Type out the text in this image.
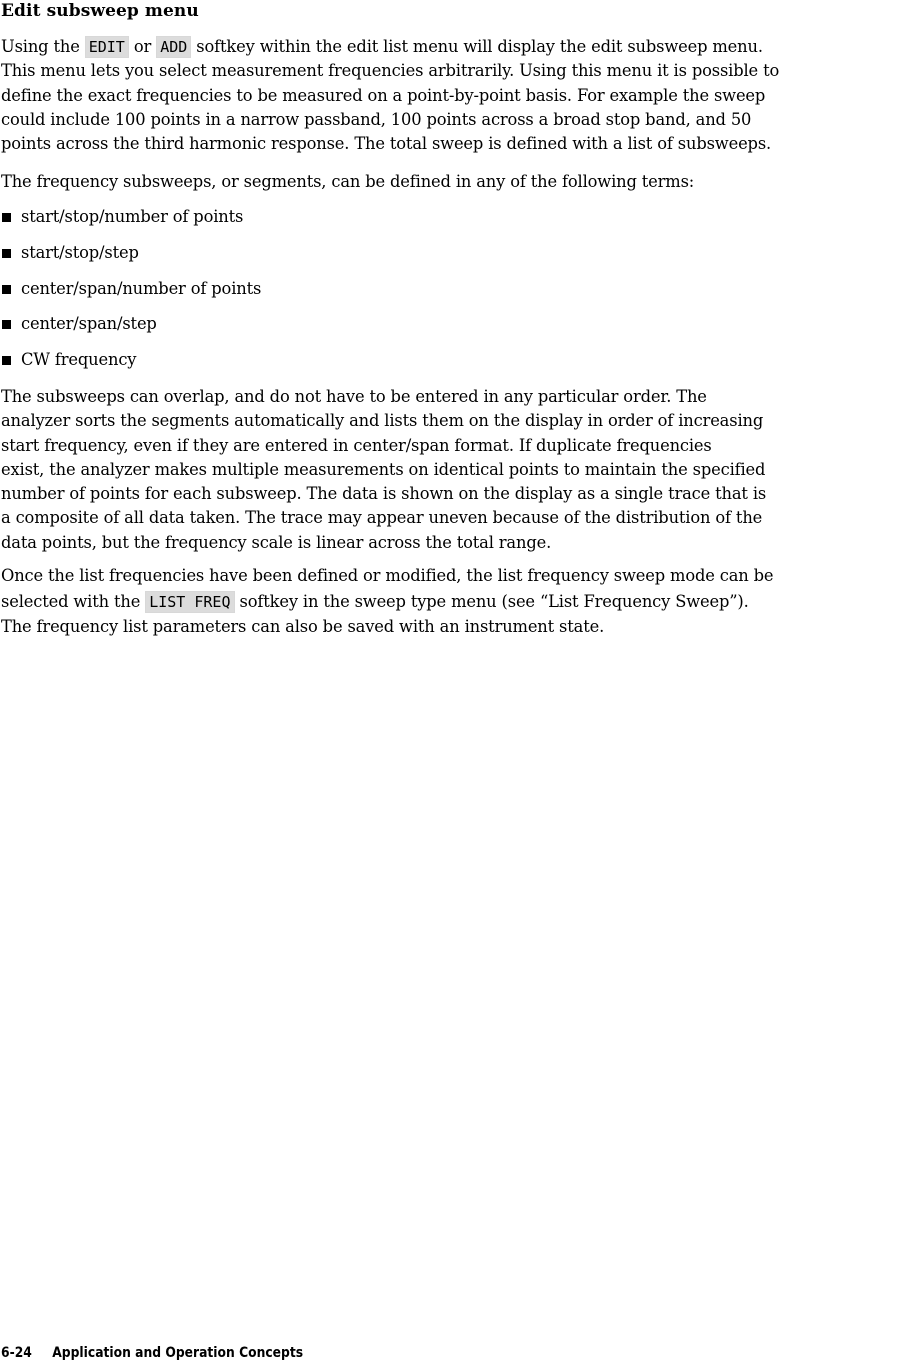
Edit subsweep menu
Using the EDIT or ADD softkey within the edit list menu will display the edit subsweep menu.
This menu lets you select measurement frequencies arbitrarily. Using this menu it is possible to
define the exact frequencies to be measured on a point-by-point basis. For example the sweep
could include 100 points in a narrow passband, 100 points across a broad stop band, and 50
points across the third harmonic response. The total sweep is defined with a list of subsweeps.
The frequency subsweeps, or segments, can be defined in any of the following terms:
start/stop/number of points
start/stop/step
center/span/number of points
center/span/step
CW frequency
The subsweeps can overlap, and do not have to be entered in any particular order. The
analyzer sorts the segments automatically and lists them on the display in order of increasing
start frequency, even if they are entered in center/span format. If duplicate frequencies
exist, the analyzer makes multiple measurements on identical points to maintain the specified
number of points for each subsweep. The data is shown on the display as a single trace that is
a composite of all data taken. The trace may appear uneven because of the distribution of the
data points, but the frequency scale is linear across the total range.
Once the list frequencies have been defined or modified, the list frequency sweep mode can be
selected with the LIST FREQ softkey in the sweep type menu (see “List Frequency Sweep”).
The frequency list parameters can also be saved with an instrument state.
6-24 Application and Operation Concepts
